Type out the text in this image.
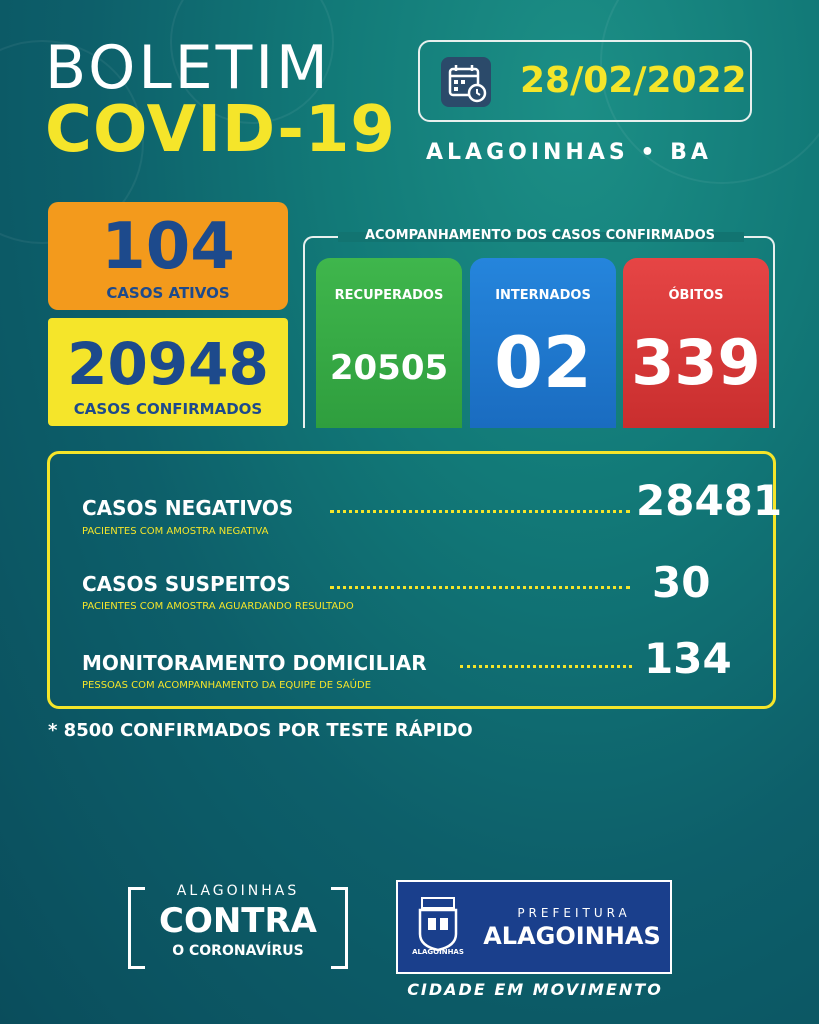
BOLETIM
COVID-19
28/02/2022
ALAGOINHAS • BA
104
CASOS ATIVOS
20948
CASOS CONFIRMADOS
ACOMPANHAMENTO DOS CASOS CONFIRMADOS
RECUPERADOS
20505
INTERNADOS
02
ÓBITOS
339
CASOS NEGATIVOS	28481
PACIENTES COM AMOSTRA NEGATIVA
CASOS SUSPEITOS	30
PACIENTES COM AMOSTRA AGUARDANDO RESULTADO
MONITORAMENTO DOMICILIAR	134
PESSOAS COM ACOMPANHAMENTO DA EQUIPE DE SAÚDE
* 8500 CONFIRMADOS POR TESTE RÁPIDO
ALAGOINHAS
CONTRA
O CORONAVÍRUS	ALAGOINHAS
PREFEITURA
ALAGOINHAS
CIDADE EM MOVIMENTO
